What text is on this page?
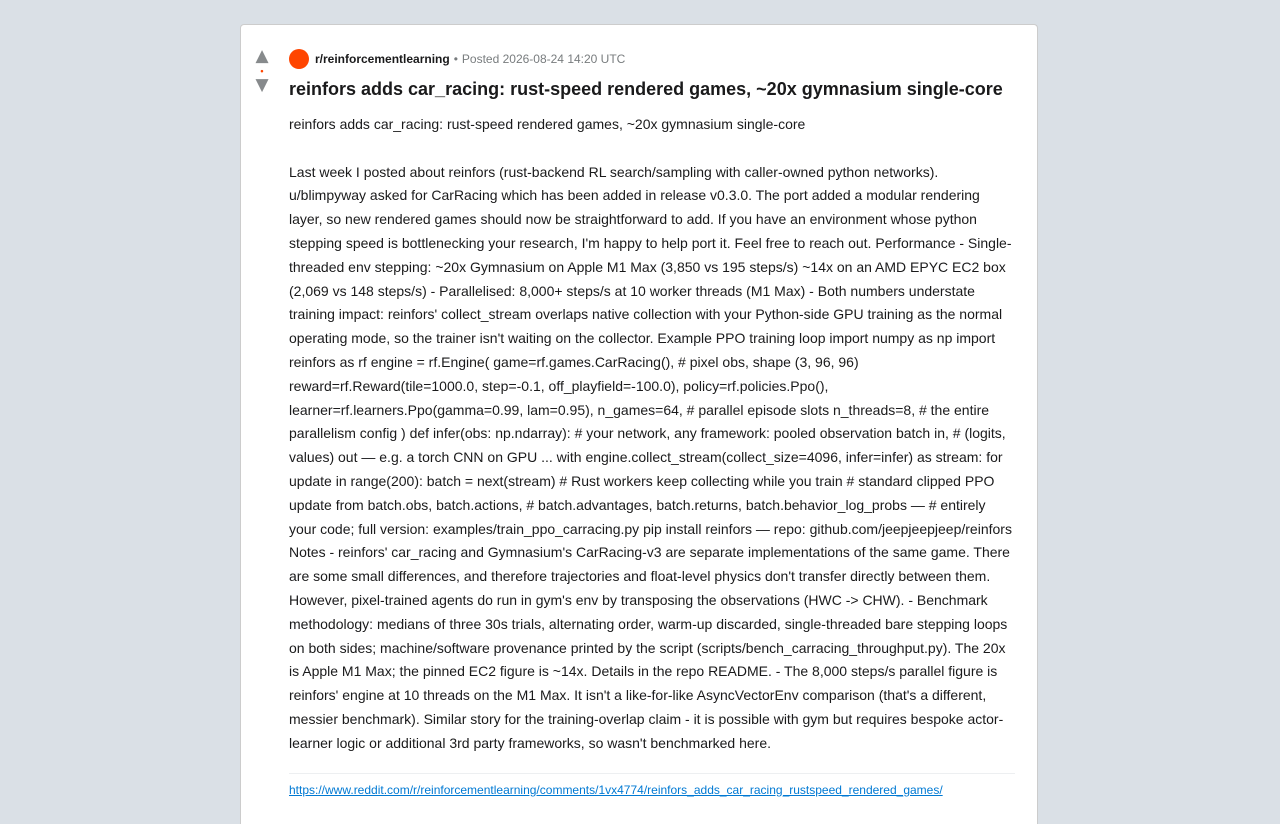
▲
•
▼
r/reinforcementlearning • Posted 2026-08-24 14:20 UTC
reinfors adds car_racing: rust-speed rendered games, ~20x gymnasium single-core

reinfors adds car_racing: rust-speed rendered games, ~20x gymnasium single-core

Last week I posted about reinfors (rust-backend RL search/sampling with caller-owned python networks). u/blimpyway asked for CarRacing which has been added in release v0.3.0. The port added a modular rendering layer, so new rendered games should now be straightforward to add. If you have an environment whose python stepping speed is bottlenecking your research, I'm happy to help port it. Feel free to reach out. Performance - Single-threaded env stepping: ~20x Gymnasium on Apple M1 Max (3,850 vs 195 steps/s) ~14x on an AMD EPYC EC2 box (2,069 vs 148 steps/s) - Parallelised: 8,000+ steps/s at 10 worker threads (M1 Max) - Both numbers understate training impact: reinfors' collect_stream overlaps native collection with your Python-side GPU training as the normal operating mode, so the trainer isn't waiting on the collector. Example PPO training loop import numpy as np import reinfors as rf engine = rf.Engine( game=rf.games.CarRacing(), # pixel obs, shape (3, 96, 96) reward=rf.Reward(tile=1000.0, step=-0.1, off_playfield=-100.0), policy=rf.policies.Ppo(), learner=rf.learners.Ppo(gamma=0.99, lam=0.95), n_games=64, # parallel episode slots n_threads=8, # the entire parallelism config ) def infer(obs: np.ndarray): # your network, any framework: pooled observation batch in, # (logits, values) out — e.g. a torch CNN on GPU ... with engine.collect_stream(collect_size=4096, infer=infer) as stream: for update in range(200): batch = next(stream) # Rust workers keep collecting while you train # standard clipped PPO update from batch.obs, batch.actions, # batch.advantages, batch.returns, batch.behavior_log_probs — # entirely your code; full version: examples/train_ppo_carracing.py pip install reinfors — repo: github.com/jeepjeepjeep/reinfors Notes - reinfors' car_racing and Gymnasium's CarRacing-v3 are separate implementations of the same game. There are some small differences, and therefore trajectories and float-level physics don't transfer directly between them. However, pixel-trained agents do run in gym's env by transposing the observations (HWC -> CHW). - Benchmark methodology: medians of three 30s trials, alternating order, warm-up discarded, single-threaded bare stepping loops on both sides; machine/software provenance printed by the script (scripts/bench_carracing_throughput.py). The 20x is Apple M1 Max; the pinned EC2 figure is ~14x. Details in the repo README. - The 8,000 steps/s parallel figure is reinfors' engine at 10 threads on the M1 Max. It isn't a like-for-like AsyncVectorEnv comparison (that's a different, messier benchmark). Similar story for the training-overlap claim - it is possible with gym but requires bespoke actor-learner logic or additional 3rd party frameworks, so wasn't benchmarked here.

https://www.reddit.com/r/reinforcementlearning/comments/1vx4774/reinfors_adds_car_racing_rustspeed_rendered_games/
